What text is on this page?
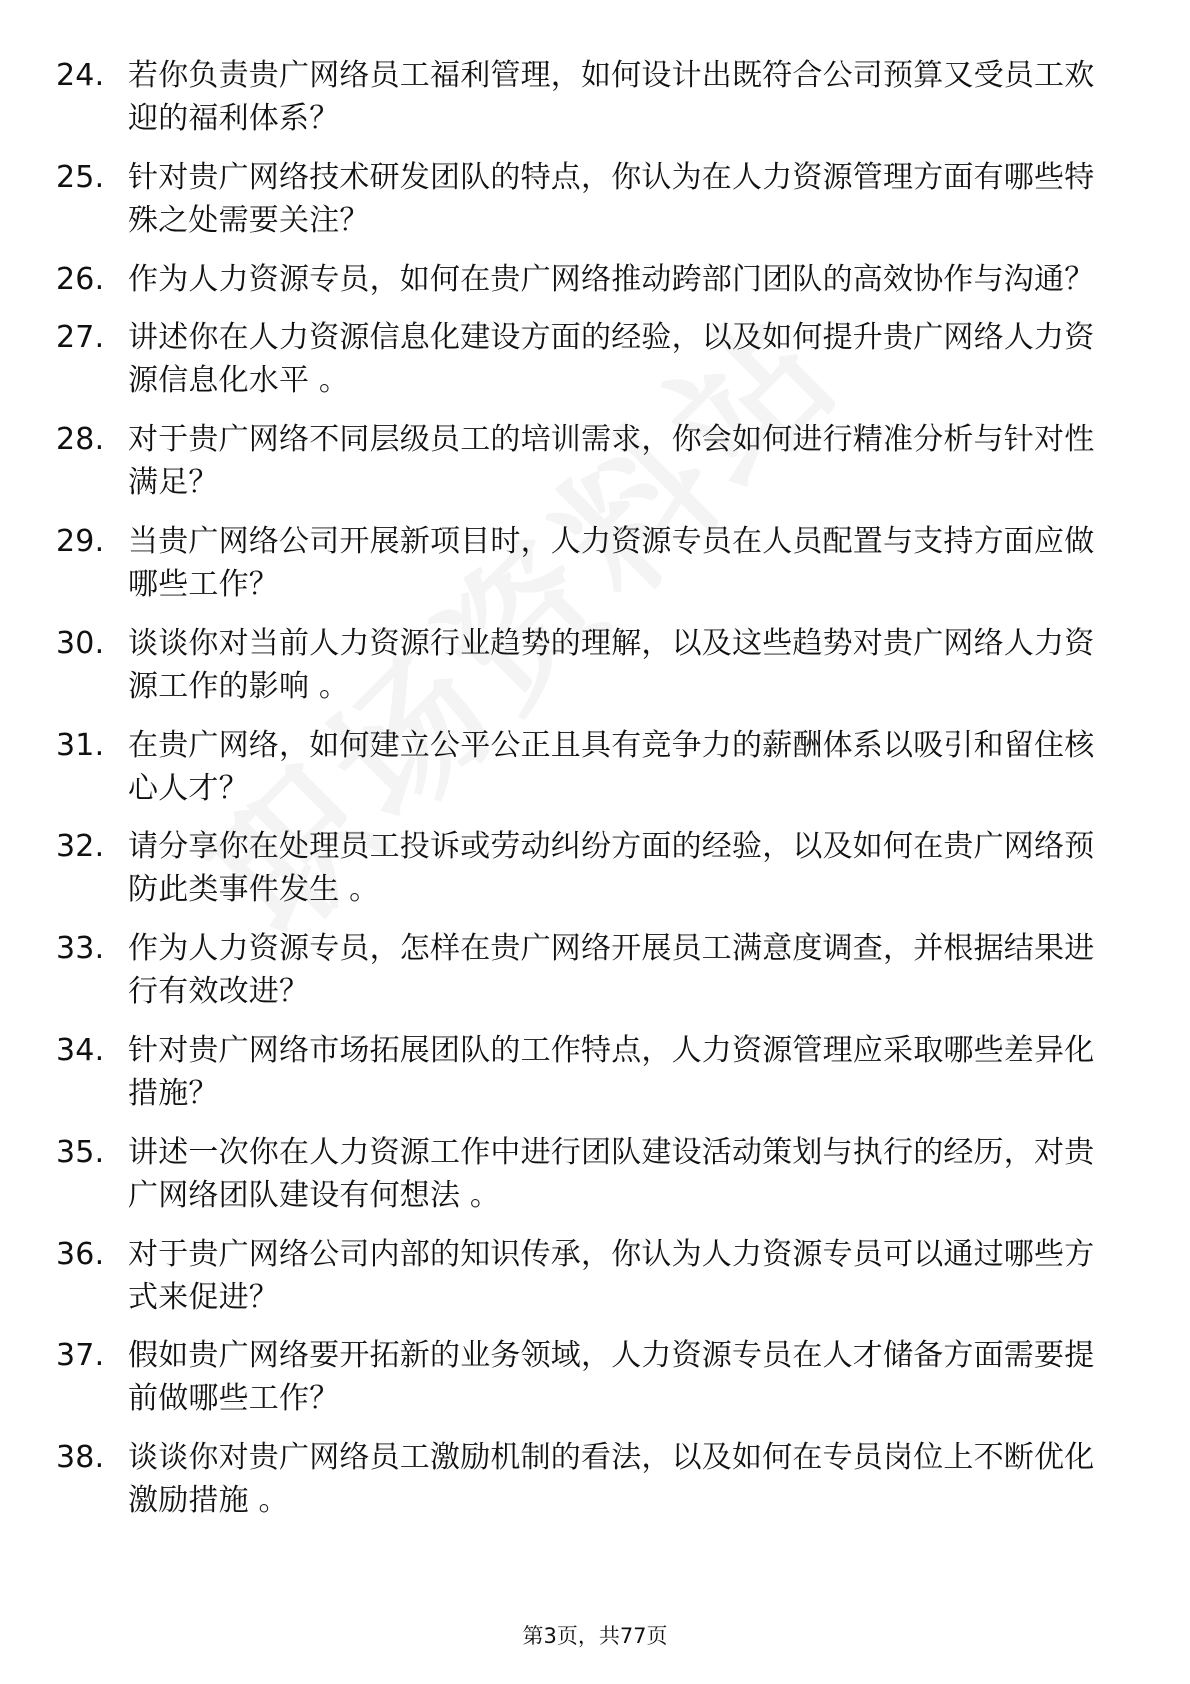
24. 若你负责贵广网络员工福利管理，如何设计出既符合公司预算又受员工欢迎的福利体系？
25. 针对贵广网络技术研发团队的特点，你认为在人力资源管理方面有哪些特殊之处需要关注？
26. 作为人力资源专员，如何在贵广网络推动跨部门团队的高效协作与沟通？
27. 讲述你在人力资源信息化建设方面的经验，以及如何提升贵广网络人力资源信息化水平 。
28. 对于贵广网络不同层级员工的培训需求，你会如何进行精准分析与针对性满足？
29. 当贵广网络公司开展新项目时，人力资源专员在人员配置与支持方面应做哪些工作？
30. 谈谈你对当前人力资源行业趋势的理解，以及这些趋势对贵广网络人力资源工作的影响 。
31. 在贵广网络，如何建立公平公正且具有竞争力的薪酬体系以吸引和留住核心人才？
32. 请分享你在处理员工投诉或劳动纠纷方面的经验，以及如何在贵广网络预防此类事件发生 。
33. 作为人力资源专员，怎样在贵广网络开展员工满意度调查，并根据结果进行有效改进？
34. 针对贵广网络市场拓展团队的工作特点，人力资源管理应采取哪些差异化措施？
35. 讲述一次你在人力资源工作中进行团队建设活动策划与执行的经历，对贵广网络团队建设有何想法 。
36. 对于贵广网络公司内部的知识传承，你认为人力资源专员可以通过哪些方式来促进？
37. 假如贵广网络要开拓新的业务领域，人力资源专员在人才储备方面需要提前做哪些工作？
38. 谈谈你对贵广网络员工激励机制的看法，以及如何在专员岗位上不断优化激励措施 。
第3页，共77页
